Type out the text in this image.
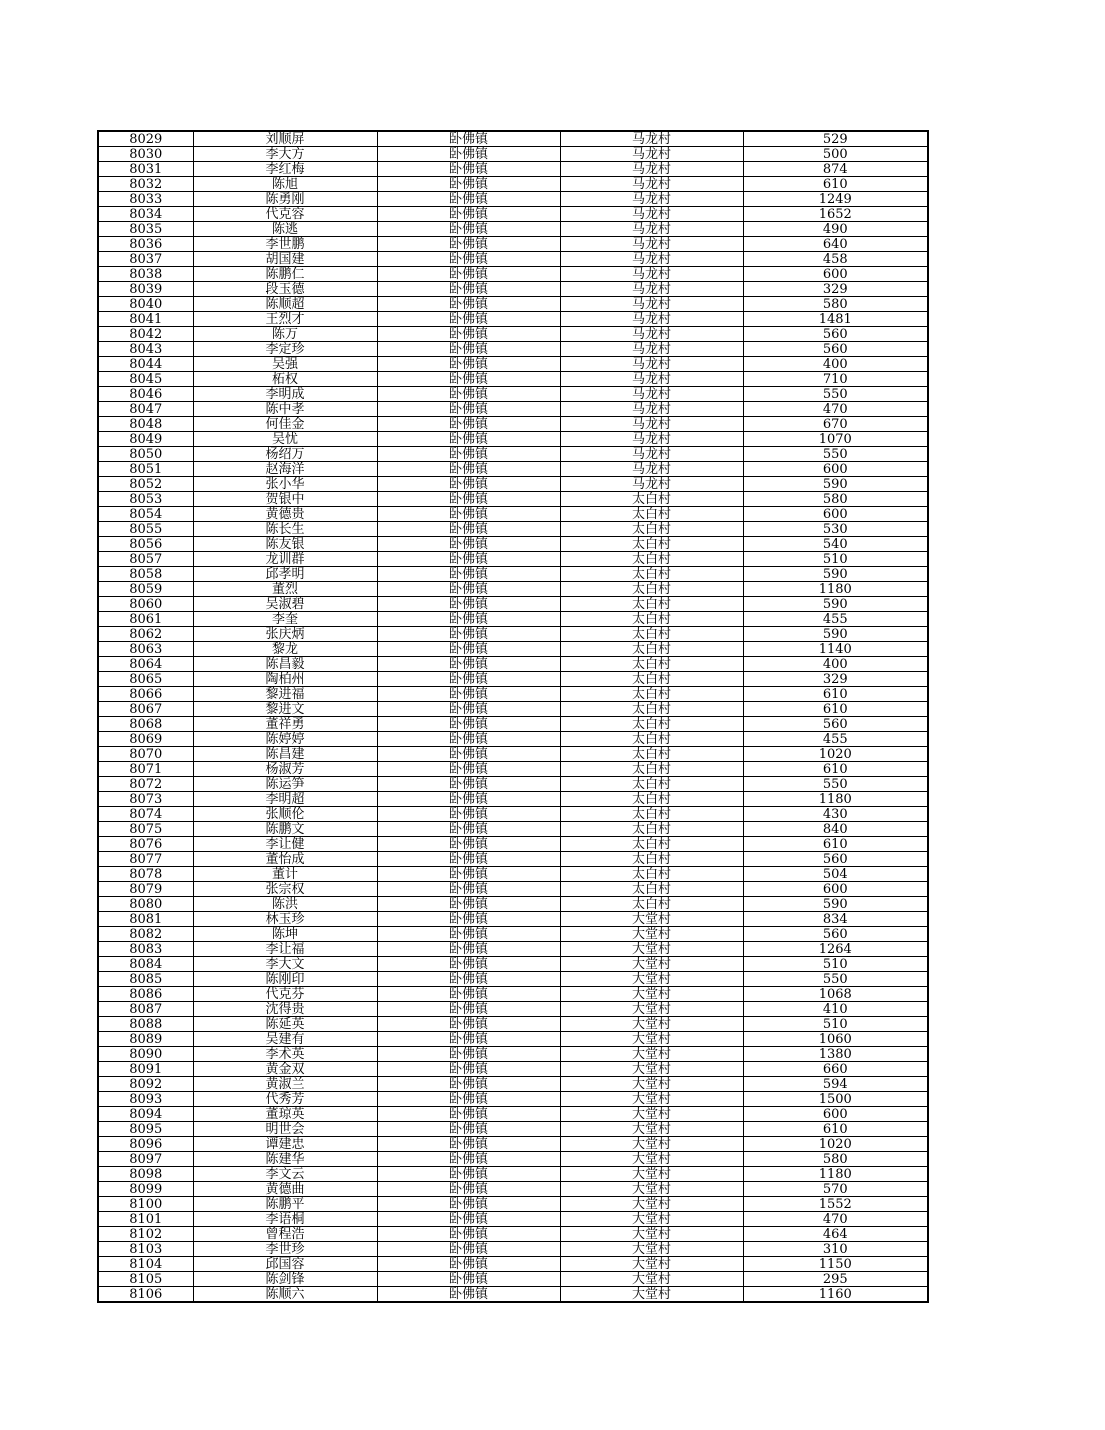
8029	刘顺屏	卧佛镇	马龙村	529
8030	李大方	卧佛镇	马龙村	500
8031	李红梅	卧佛镇	马龙村	874
8032	陈旭	卧佛镇	马龙村	610
8033	陈勇刚	卧佛镇	马龙村	1249
8034	代克容	卧佛镇	马龙村	1652
8035	陈逃	卧佛镇	马龙村	490
8036	李世鹏	卧佛镇	马龙村	640
8037	胡国建	卧佛镇	马龙村	458
8038	陈鹏仁	卧佛镇	马龙村	600
8039	段玉德	卧佛镇	马龙村	329
8040	陈顺超	卧佛镇	马龙村	580
8041	王烈才	卧佛镇	马龙村	1481
8042	陈万	卧佛镇	马龙村	560
8043	李定珍	卧佛镇	马龙村	560
8044	吴强	卧佛镇	马龙村	400
8045	柘权	卧佛镇	马龙村	710
8046	李明成	卧佛镇	马龙村	550
8047	陈中孝	卧佛镇	马龙村	470
8048	何佳金	卧佛镇	马龙村	670
8049	吴忧	卧佛镇	马龙村	1070
8050	杨绍万	卧佛镇	马龙村	550
8051	赵海洋	卧佛镇	马龙村	600
8052	张小华	卧佛镇	马龙村	590
8053	贺银中	卧佛镇	太白村	580
8054	黄德贵	卧佛镇	太白村	600
8055	陈长生	卧佛镇	太白村	530
8056	陈友银	卧佛镇	太白村	540
8057	龙训群	卧佛镇	太白村	510
8058	邱孝明	卧佛镇	太白村	590
8059	董烈	卧佛镇	太白村	1180
8060	吴淑碧	卧佛镇	太白村	590
8061	李奎	卧佛镇	太白村	455
8062	张庆炳	卧佛镇	太白村	590
8063	黎龙	卧佛镇	太白村	1140
8064	陈昌毅	卧佛镇	太白村	400
8065	陶柏州	卧佛镇	太白村	329
8066	黎进福	卧佛镇	太白村	610
8067	黎进文	卧佛镇	太白村	610
8068	董祥勇	卧佛镇	太白村	560
8069	陈婷婷	卧佛镇	太白村	455
8070	陈昌建	卧佛镇	太白村	1020
8071	杨淑芳	卧佛镇	太白村	610
8072	陈运笋	卧佛镇	太白村	550
8073	李明超	卧佛镇	太白村	1180
8074	张顺伦	卧佛镇	太白村	430
8075	陈鹏文	卧佛镇	太白村	840
8076	李让健	卧佛镇	太白村	610
8077	董怡成	卧佛镇	太白村	560
8078	董计	卧佛镇	太白村	504
8079	张宗权	卧佛镇	太白村	600
8080	陈洪	卧佛镇	太白村	590
8081	林玉珍	卧佛镇	大堂村	834
8082	陈坤	卧佛镇	大堂村	560
8083	李让福	卧佛镇	大堂村	1264
8084	李大文	卧佛镇	大堂村	510
8085	陈刚印	卧佛镇	大堂村	550
8086	代克芬	卧佛镇	大堂村	1068
8087	沈得贵	卧佛镇	大堂村	410
8088	陈延英	卧佛镇	大堂村	510
8089	吴建有	卧佛镇	大堂村	1060
8090	李术英	卧佛镇	大堂村	1380
8091	黄金双	卧佛镇	大堂村	660
8092	黄淑兰	卧佛镇	大堂村	594
8093	代秀芳	卧佛镇	大堂村	1500
8094	董琼英	卧佛镇	大堂村	600
8095	明世会	卧佛镇	大堂村	610
8096	谭建忠	卧佛镇	大堂村	1020
8097	陈建华	卧佛镇	大堂村	580
8098	李文云	卧佛镇	大堂村	1180
8099	黄德曲	卧佛镇	大堂村	570
8100	陈鹏平	卧佛镇	大堂村	1552
8101	李语桐	卧佛镇	大堂村	470
8102	曾程浩	卧佛镇	大堂村	464
8103	李世珍	卧佛镇	大堂村	310
8104	邱国容	卧佛镇	大堂村	1150
8105	陈剑锋	卧佛镇	大堂村	295
8106	陈顺六	卧佛镇	大堂村	1160
